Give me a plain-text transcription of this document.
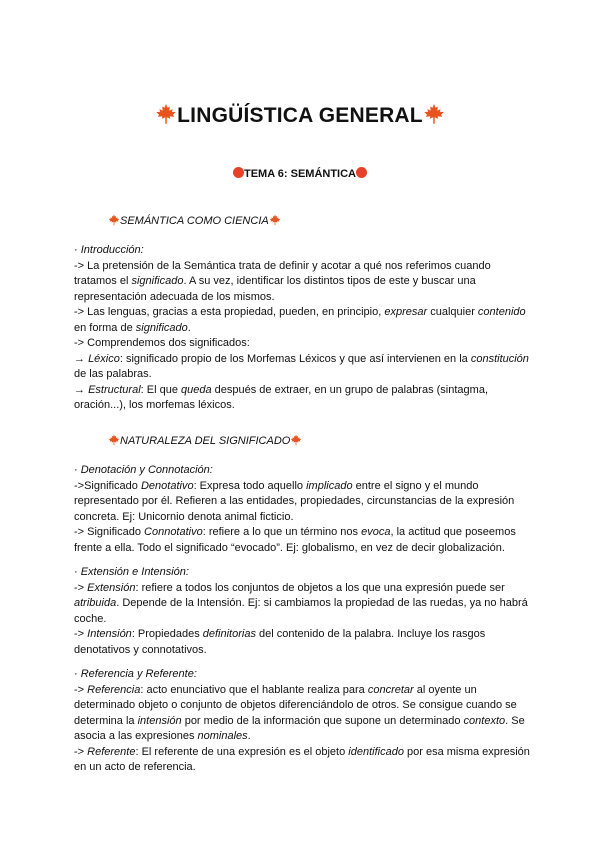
LINGÜÍSTICA GENERAL
TEMA 6: SEMÁNTICA
SEMÁNTICA COMO CIENCIA

· Introducción:

-> La pretensión de la Semántica trata de definir y acotar a qué nos referimos cuando tratamos el significado. A su vez, identificar los distintos tipos de este y buscar una representación adecuada de los mismos.

-> Las lenguas, gracias a esta propiedad, pueden, en principio, expresar cualquier contenido en forma de significado.

-> Comprendemos dos significados:

→ Léxico: significado propio de los Morfemas Léxicos y que así intervienen en la constitución de las palabras.

→ Estructural: El que queda después de extraer, en un grupo de palabras (sintagma, oración...), los morfemas léxicos.

NATURALEZA DEL SIGNIFICADO

· Denotación y Connotación:

->Significado Denotativo: Expresa todo aquello implicado entre el signo y el mundo representado por él. Refieren a las entidades, propiedades, circunstancias de la expresión concreta. Ej: Unicornio denota animal ficticio.

-> Significado Connotativo: refiere a lo que un término nos evoca, la actitud que poseemos frente a ella. Todo el significado “evocado”. Ej: globalismo, en vez de decir globalización.

· Extensión e Intensión:

-> Extensión: refiere a todos los conjuntos de objetos a los que una expresión puede ser atribuida. Depende de la Intensión. Ej: si cambiamos la propiedad de las ruedas, ya no habrá coche.

-> Intensión: Propiedades definitorias del contenido de la palabra. Incluye los rasgos denotativos y connotativos.

· Referencia y Referente:

-> Referencia: acto enunciativo que el hablante realiza para concretar al oyente un determinado objeto o conjunto de objetos diferenciándolo de otros. Se consigue cuando se determina la intensión por medio de la información que supone un determinado contexto. Se asocia a las expresiones nominales.

-> Referente: El referente de una expresión es el objeto identificado por esa misma expresión en un acto de referencia.
